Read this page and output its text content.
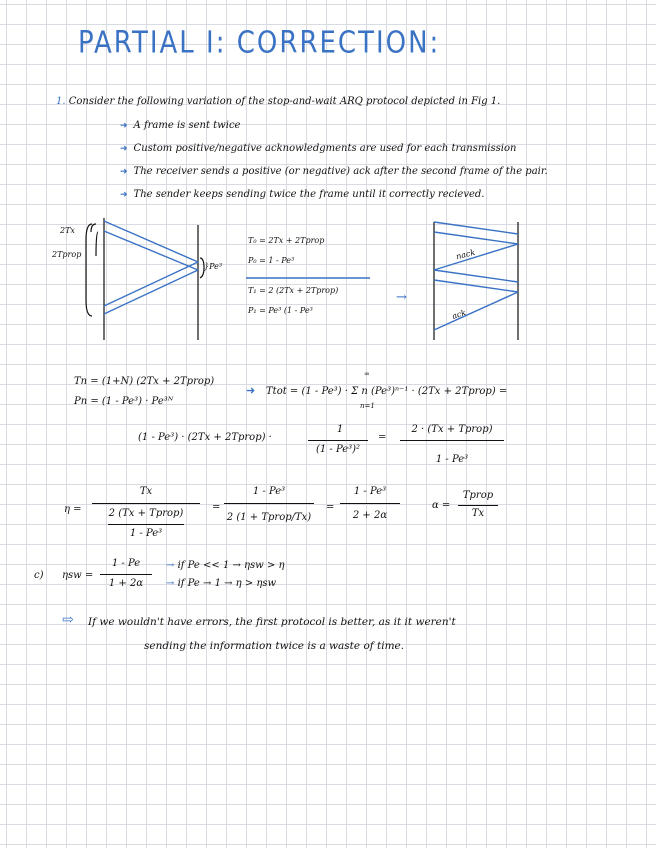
PARTIAL I: CORRECTION:
1. Consider the following variation of the stop-and-wait ARQ protocol depicted in Fig 1.
➜ A frame is sent twice
➜ Custom positive/negative acknowledgments are used for each transmission
➜ The receiver sends a positive (or negative) ack after the second frame of the pair.
➜ The sender keeps sending twice the frame until it correctly recieved.
2Tx
2Tprop
}Pe³
T₀ = 2Tx + 2Tprop
P₀ = 1 - Pe³
T₁ = 2 (2Tx + 2Tprop)
P₁ = Pe³ (1 - Pe³
→
nack
ack
Tn = (1+N) (2Tx + 2Tprop)
Pn = (1 - Pe³) · Pe³ᴺ
➜ Ttot = (1 - Pe³) · Σ n (Pe³)ⁿ⁻¹ · (2Tx + 2Tprop) =
∞
n=1
(1 - Pe³) · (2Tx + 2Tprop) ·
1
(1 - Pe³)²
=
2 · (Tx + Tprop)
1 - Pe³
η =
Tx
2 (Tx + Tprop)
1 - Pe³
=
1 - Pe³
2 (1 + Tprop/Tx)
=
1 - Pe³
2 + 2α
α =
Tprop
Tx
c) ηsw =
1 - Pe
1 + 2α
→ if Pe << 1 → ηsw > η
→ if Pe → 1 → η > ηsw
⇨ If we wouldn't have errors, the first protocol is better, as it it weren't
sending the information twice is a waste of time.
